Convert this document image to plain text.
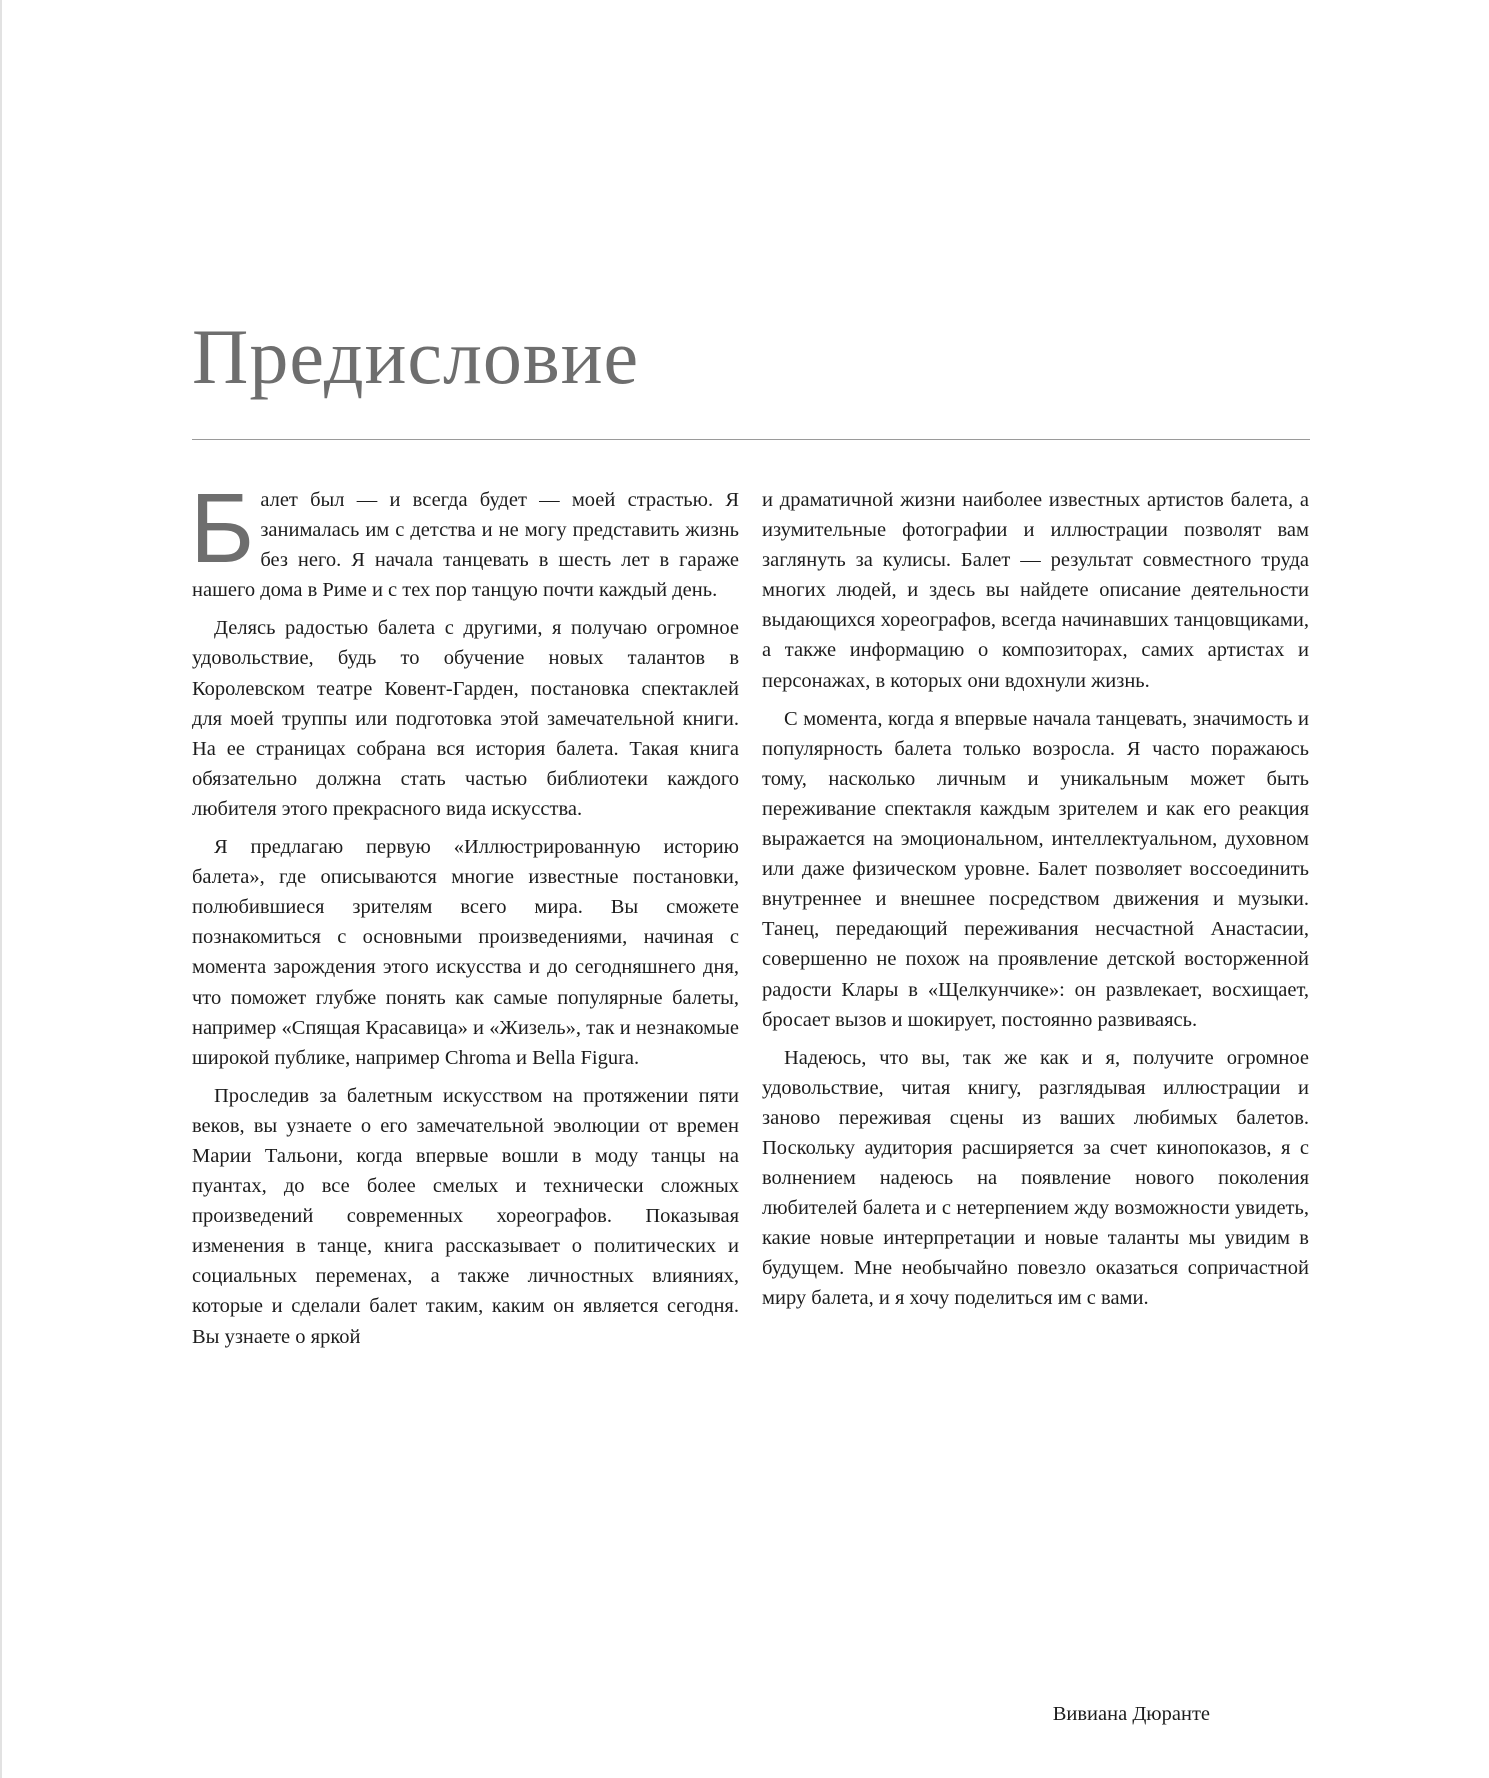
Предисловие

Балет был — и всегда будет — моей страстью. Я занималась им с детства и не могу представить жизнь без него. Я начала танцевать в шесть лет в гараже нашего дома в Риме и с тех пор танцую почти каждый день.

Делясь радостью балета с другими, я получаю огромное удовольствие, будь то обучение новых талантов в Королевском театре Ковент-Гарден, постановка спектаклей для моей труппы или подготовка этой замечательной книги. На ее страницах собрана вся история балета. Такая книга обязательно должна стать частью библиотеки каждого любителя этого прекрасного вида искусства.

Я предлагаю первую «Иллюстрированную историю балета», где описываются многие известные постановки, полюбившиеся зрителям всего мира. Вы сможете познакомиться с основными произведениями, начиная с момента зарождения этого искусства и до сегодняшнего дня, что поможет глубже понять как самые популярные балеты, например «Спящая Красавица» и «Жизель», так и незнакомые широкой публике, например Chroma и Bella Figura.

Проследив за балетным искусством на протяжении пяти веков, вы узнаете о его замечательной эволюции от времен Марии Тальони, когда впервые вошли в моду танцы на пуантах, до все более смелых и технически сложных произведений современных хореографов. Показывая изменения в танце, книга рассказывает о политических и социальных переменах, а также личностных влияниях, которые и сделали балет таким, каким он является сегодня. Вы узнаете о яркой

и драматичной жизни наиболее известных артистов балета, а изумительные фотографии и иллюстрации позволят вам заглянуть за кулисы. Балет — результат совместного труда многих людей, и здесь вы найдете описание деятельности выдающихся хореографов, всегда начинавших танцовщиками, а также информацию о композиторах, самих артистах и персонажах, в которых они вдохнули жизнь.

С момента, когда я впервые начала танцевать, значимость и популярность балета только возросла. Я часто поражаюсь тому, насколько личным и уникальным может быть переживание спектакля каждым зрителем и как его реакция выражается на эмоциональном, интеллектуальном, духовном или даже физическом уровне. Балет позволяет воссоединить внутреннее и внешнее посредством движения и музыки. Танец, передающий переживания несчастной Анастасии, совершенно не похож на проявление детской восторженной радости Клары в «Щелкунчике»: он развлекает, восхищает, бросает вызов и шокирует, постоянно развиваясь.

Надеюсь, что вы, так же как и я, получите огромное удовольствие, читая книгу, разглядывая иллюстрации и заново переживая сцены из ваших любимых балетов. Поскольку аудитория расширяется за счет кинопоказов, я с волнением надеюсь на появление нового поколения любителей балета и с нетерпением жду возможности увидеть, какие новые интерпретации и новые таланты мы увидим в будущем. Мне необычайно повезло оказаться сопричастной миру балета, и я хочу поделиться им с вами.

Вивиана Дюранте
